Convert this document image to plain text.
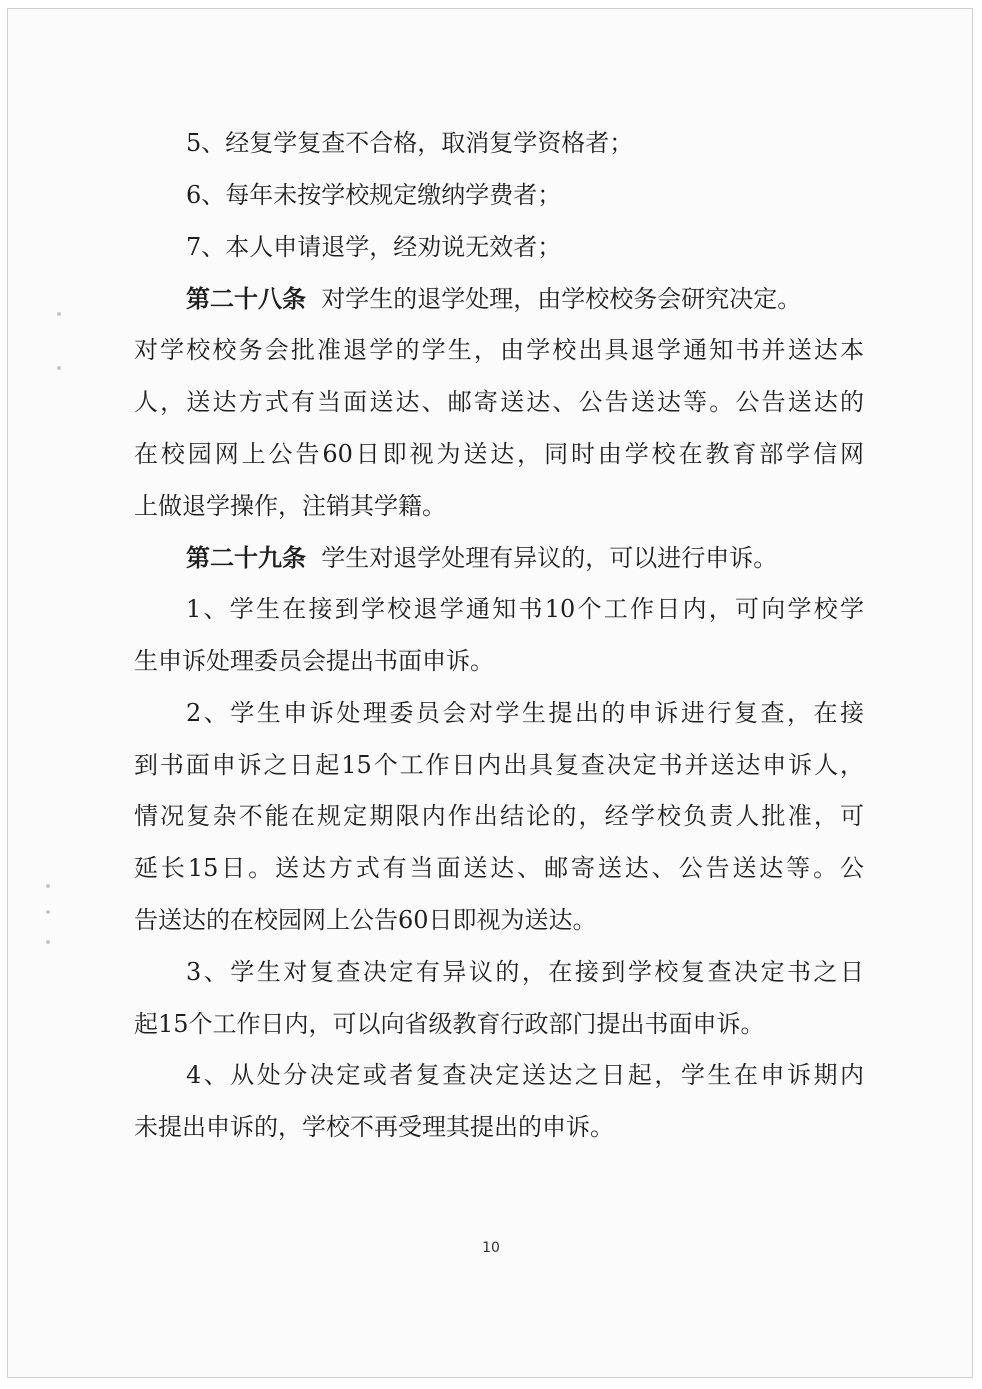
5、经复学复查不合格，取消复学资格者；
6、每年未按学校规定缴纳学费者；
7、本人申请退学，经劝说无效者；
第二十八条 对学生的退学处理，由学校校务会研究决定。
对学校校务会批准退学的学生，由学校出具退学通知书并送达本
人，送达方式有当面送达、邮寄送达、公告送达等。公告送达的
在校园网上公告60日即视为送达，同时由学校在教育部学信网
上做退学操作，注销其学籍。
第二十九条 学生对退学处理有异议的，可以进行申诉。
1、学生在接到学校退学通知书10个工作日内，可向学校学
生申诉处理委员会提出书面申诉。
2、学生申诉处理委员会对学生提出的申诉进行复查，在接
到书面申诉之日起15个工作日内出具复查决定书并送达申诉人，
情况复杂不能在规定期限内作出结论的，经学校负责人批准，可
延长15日。送达方式有当面送达、邮寄送达、公告送达等。公
告送达的在校园网上公告60日即视为送达。
3、学生对复查决定有异议的，在接到学校复查决定书之日
起15个工作日内，可以向省级教育行政部门提出书面申诉。
4、从处分决定或者复查决定送达之日起，学生在申诉期内
未提出申诉的，学校不再受理其提出的申诉。
10
